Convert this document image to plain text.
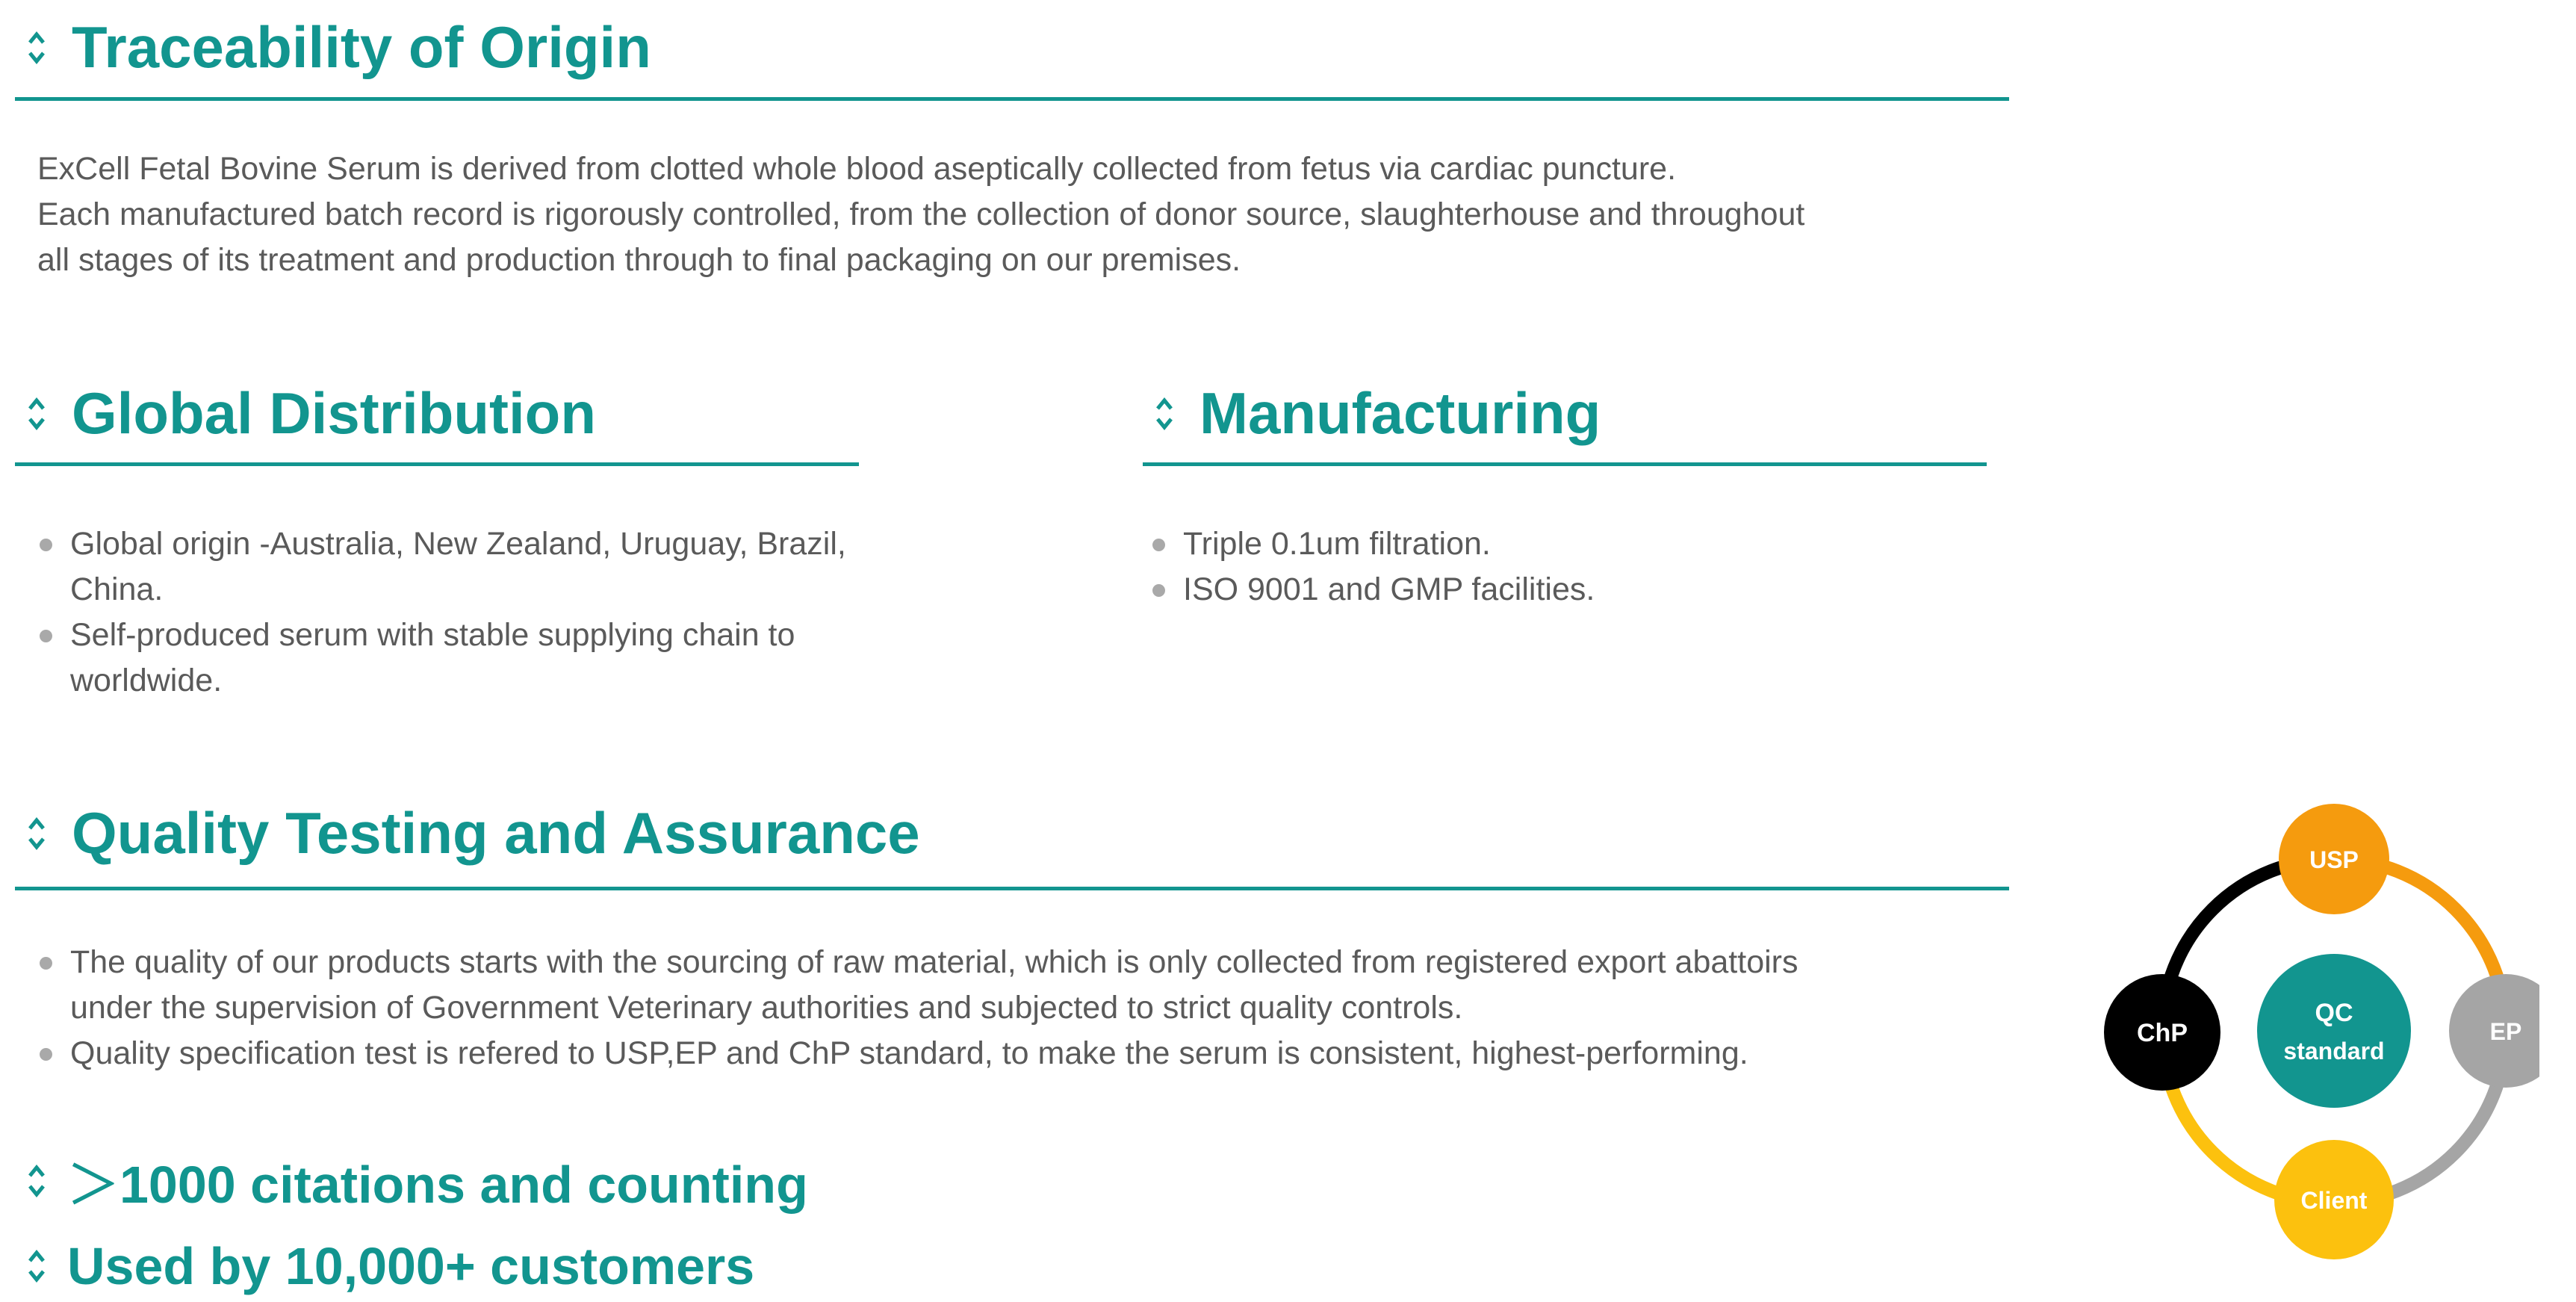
Traceability of Origin

ExCell Fetal Bovine Serum is derived from clotted whole blood aseptically collected from fetus via cardiac puncture.

Each manufactured batch record is rigorously controlled, from the collection of donor source, slaughterhouse and throughout

all stages of its treatment and production through to final packaging on our premises.

Global Distribution
Global origin -Australia, New Zealand, Uruguay, Brazil,
China.
Self-produced serum with stable supplying chain to
worldwide.
Manufacturing
Triple 0.1um filtration.
ISO 9001 and GMP facilities.
Quality Testing and Assurance
The quality of our products starts with the sourcing of raw material, which is only collected from registered export abattoirs
under the supervision of Government Veterinary authorities and subjected to strict quality controls.
Quality specification test is refered to USP,EP and ChP standard, to make the serum is consistent, highest-performing.
＞1000 citations and counting
Used by 10,000+ customers
QC
standard
USP
EP
Client
ChP
